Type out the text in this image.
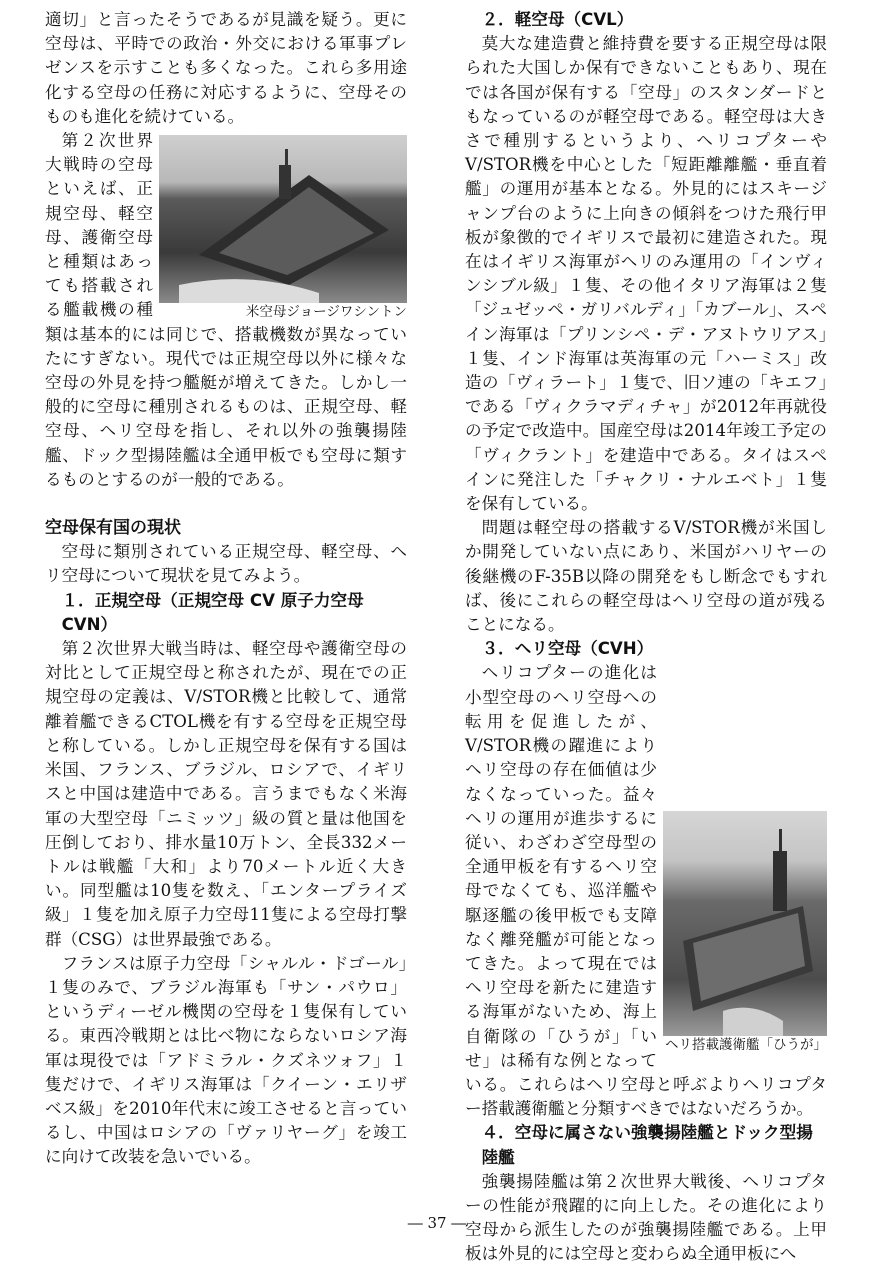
適切」と言ったそうであるが見識を疑う。更に空母は、平時での政治・外交における軍事プレゼンスを示すことも多くなった。これら多用途化する空母の任務に対応するように、空母そのものも進化を続けている。

米空母ジョージワシントン

第２次世界大戦時の空母といえば、正規空母、軽空母、護衛空母と種類はあっても搭載される艦載機の種類は基本的には同じで、搭載機数が異なっていたにすぎない。現代では正規空母以外に様々な空母の外見を持つ艦艇が増えてきた。しかし一般的に空母に種別されるものは、正規空母、軽空母、ヘリ空母を指し、それ以外の強襲揚陸艦、ドック型揚陸艦は全通甲板でも空母に類するものとするのが一般的である。

空母保有国の現状

空母に類別されている正規空母、軽空母、ヘリ空母について現状を見てみよう。

１．正規空母（正規空母 CV 原子力空母 CVN）

第２次世界大戦当時は、軽空母や護衛空母の対比として正規空母と称されたが、現在での正規空母の定義は、V/STOR機と比較して、通常離着艦できるCTOL機を有する空母を正規空母と称している。しかし正規空母を保有する国は米国、フランス、ブラジル、ロシアで、イギリスと中国は建造中である。言うまでもなく米海軍の大型空母「ニミッツ」級の質と量は他国を圧倒しており、排水量10万トン、全長332メートルは戦艦「大和」より70メートル近く大きい。同型艦は10隻を数え、「エンタープライズ級」１隻を加え原子力空母11隻による空母打撃群（CSG）は世界最強である。

フランスは原子力空母「シャルル・ドゴール」１隻のみで、ブラジル海軍も「サン・パウロ」というディーゼル機関の空母を１隻保有している。東西冷戦期とは比べ物にならないロシア海軍は現役では「アドミラル・クズネツォフ」１隻だけで、イギリス海軍は「クイーン・エリザベス級」を2010年代末に竣工させると言っているし、中国はロシアの「ヴァリヤーグ」を竣工に向けて改装を急いでいる。

２．軽空母（CVL）

莫大な建造費と維持費を要する正規空母は限られた大国しか保有できないこともあり、現在では各国が保有する「空母」のスタンダードともなっているのが軽空母である。軽空母は大きさで種別するというより、ヘリコプターやV/STOR機を中心とした「短距離離艦・垂直着艦」の運用が基本となる。外見的にはスキージャンプ台のように上向きの傾斜をつけた飛行甲板が象徴的でイギリスで最初に建造された。現在はイギリス海軍がヘリのみ運用の「インヴィンシブル級」１隻、その他イタリア海軍は２隻「ジュゼッペ・ガリバルディ」「カブール」、スペイン海軍は「プリンシペ・デ・アヌトウリアス」１隻、インド海軍は英海軍の元「ハーミス」改造の「ヴィラート」１隻で、旧ソ連の「キエフ」である「ヴィクラマディチャ」が2012年再就役の予定で改造中。国産空母は2014年竣工予定の「ヴィクラント」を建造中である。タイはスペインに発注した「チャクリ・ナルエベト」１隻を保有している。

問題は軽空母の搭載するV/STOR機が米国しか開発していない点にあり、米国がハリヤーの後継機のF-35B以降の開発をもし断念でもすれば、後にこれらの軽空母はヘリ空母の道が残ることになる。

３．ヘリ空母（CVH）

ヘリ搭載護衛艦「ひうが」

ヘリコプターの進化は小型空母のヘリ空母への転用を促進したが、V/STOR機の躍進によりヘリ空母の存在価値は少なくなっていった。益々ヘリの運用が進歩するに従い、わざわざ空母型の全通甲板を有するヘリ空母でなくても、巡洋艦や駆逐艦の後甲板でも支障なく離発艦が可能となってきた。よって現在ではヘリ空母を新たに建造する海軍がないため、海上自衛隊の「ひうが」「いせ」は稀有な例となっている。これらはヘリ空母と呼ぶよりヘリコプター搭載護衛艦と分類すべきではないだろうか。

４．空母に属さない強襲揚陸艦とドック型揚陸艦

強襲揚陸艦は第２次世界大戦後、ヘリコプターの性能が飛躍的に向上した。その進化により空母から派生したのが強襲揚陸艦である。上甲板は外見的には空母と変わらぬ全通甲板にへ

― 37 ―
